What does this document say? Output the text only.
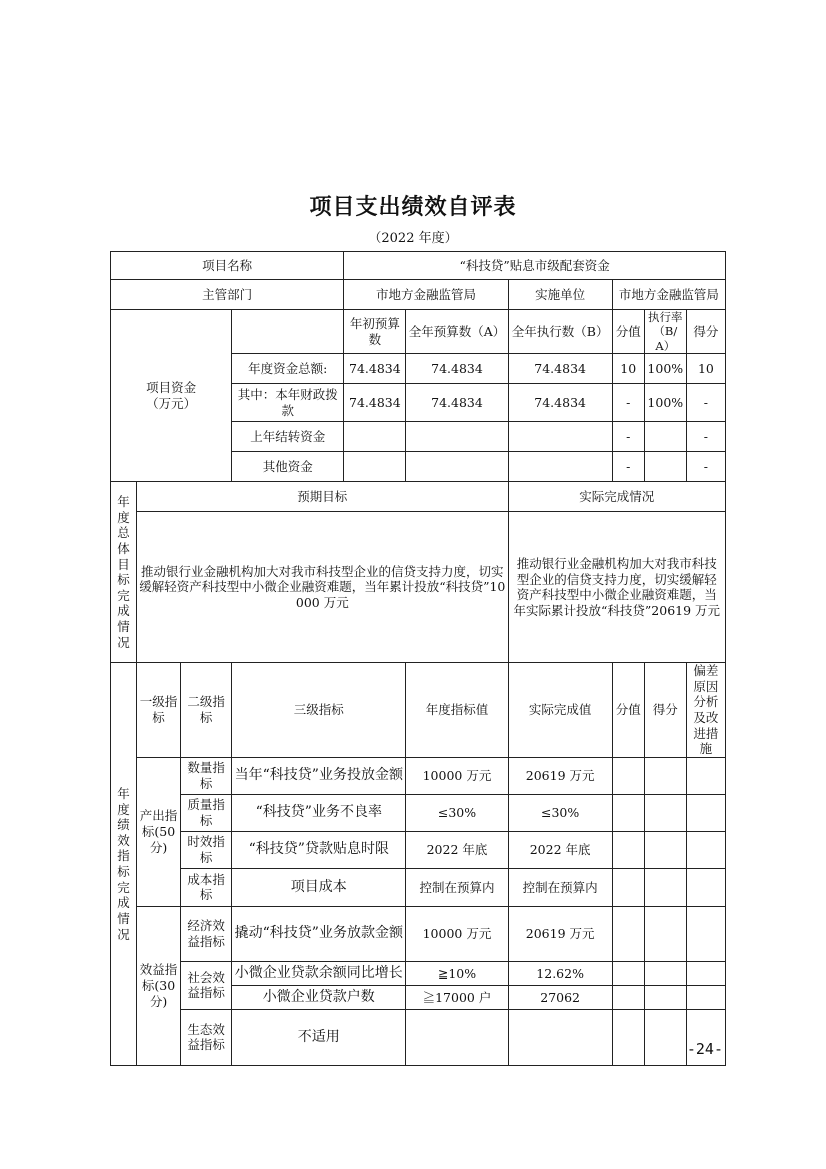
项目支出绩效自评表
（2022 年度）
项目名称				“科技贷”贴息市级配套资金					
主管部门				市地方金融监管局		实施单位	市地方金融监管局		
项目资金
（万元）				年初预算数	全年预算数（A）	全年执行数（B）	分值	执行率（B/A）	得分
			年度资金总额:	74.4834	74.4834	74.4834	10	100%	10
			其中：本年财政拨款	74.4834	74.4834	74.4834	-	100%	-
			上年结转资金				-		-
			其他资金				-		-
年度总体目标完成情况	预期目标					实际完成情况			
	推动银行业金融机构加大对我市科技型企业的信贷支持力度，切实缓解轻资产科技型中小微企业融资难题，当年累计投放“科技贷”10000 万元					推动银行业金融机构加大对我市科技型企业的信贷支持力度，切实缓解轻资产科技型中小微企业融资难题，当年实际累计投放“科技贷”20619 万元			
年度绩效指标完成情况	一级指标	二级指标	三级指标		年度指标值	实际完成值	分值	得分	偏差原因分析及改进措施
	产出指标(50分)	数量指标	当年“科技贷”业务投放金额		10000 万元	20619 万元			
		质量指标	“科技贷”业务不良率		≤30%	≤30%			
		时效指标	“科技贷”贷款贴息时限		2022 年底	2022 年底			
		成本指标	项目成本		控制在预算内	控制在预算内			
	效益指标(30分)	经济效益指标	撬动“科技贷”业务放款金额		10000 万元	20619 万元			
		社会效益指标	小微企业贷款余额同比增长		≧10%	12.62%			
			小微企业贷款户数		≧17000 户	27062			
		生态效益指标	不适用						
-24-
